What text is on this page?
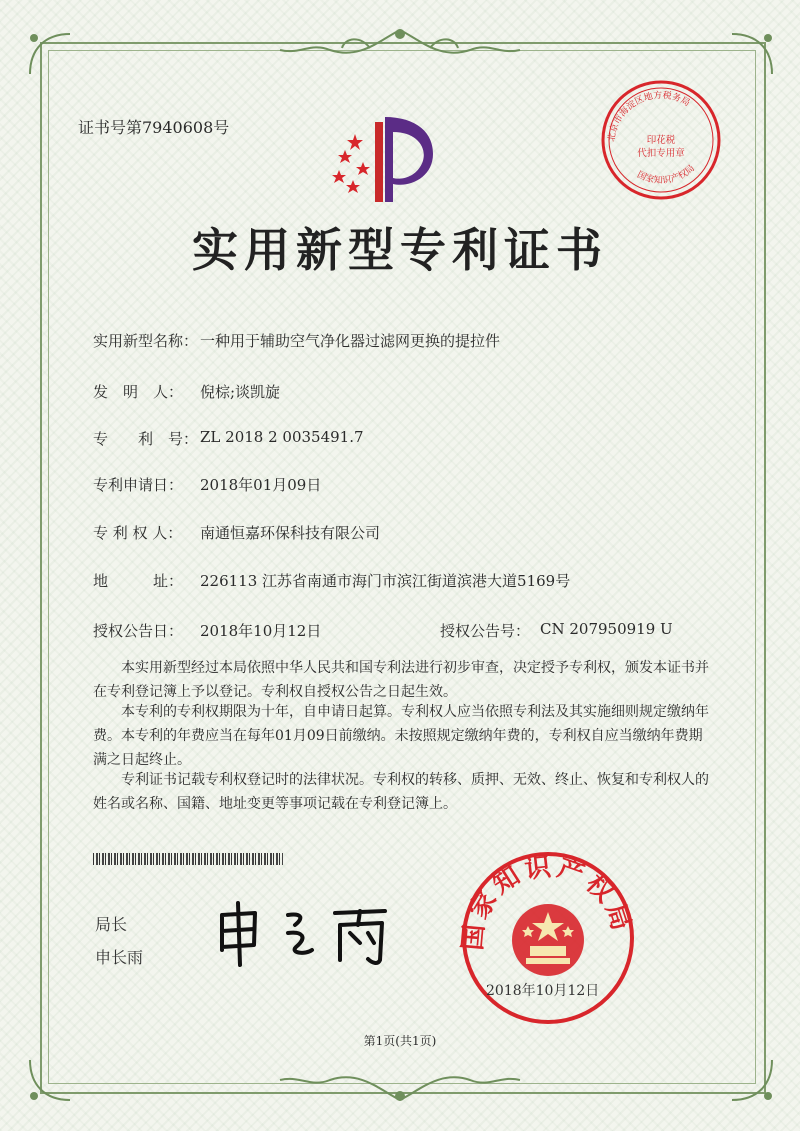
证书号第7940608号
北京市海淀区地方税务局
国家知识产权局
印花税
代扣专用章
实用新型专利证书
实用新型名称： 一种用于辅助空气净化器过滤网更换的提拉件
发　明　人： 倪棕;谈凯旋
专　　利　号： ZL 2018 2 0035491.7
专利申请日： 2018年01月09日
专 利 权 人： 南通恒嘉环保科技有限公司
地　　　址： 226113 江苏省南通市海门市滨江街道滨港大道5169号
授权公告日： 2018年10月12日	授权公告号： CN 207950919 U
本实用新型经过本局依照中华人民共和国专利法进行初步审查，决定授予专利权，颁发本证书并在专利登记簿上予以登记。专利权自授权公告之日起生效。
本专利的专利权期限为十年，自申请日起算。专利权人应当依照专利法及其实施细则规定缴纳年费。本专利的年费应当在每年01月09日前缴纳。未按照规定缴纳年费的，专利权自应当缴纳年费期满之日起终止。
专利证书记载专利权登记时的法律状况。专利权的转移、质押、无效、终止、恢复和专利权人的姓名或名称、国籍、地址变更等事项记载在专利登记簿上。
局长
申长雨
国家知识产权局
2018年10月12日
第1页(共1页)
